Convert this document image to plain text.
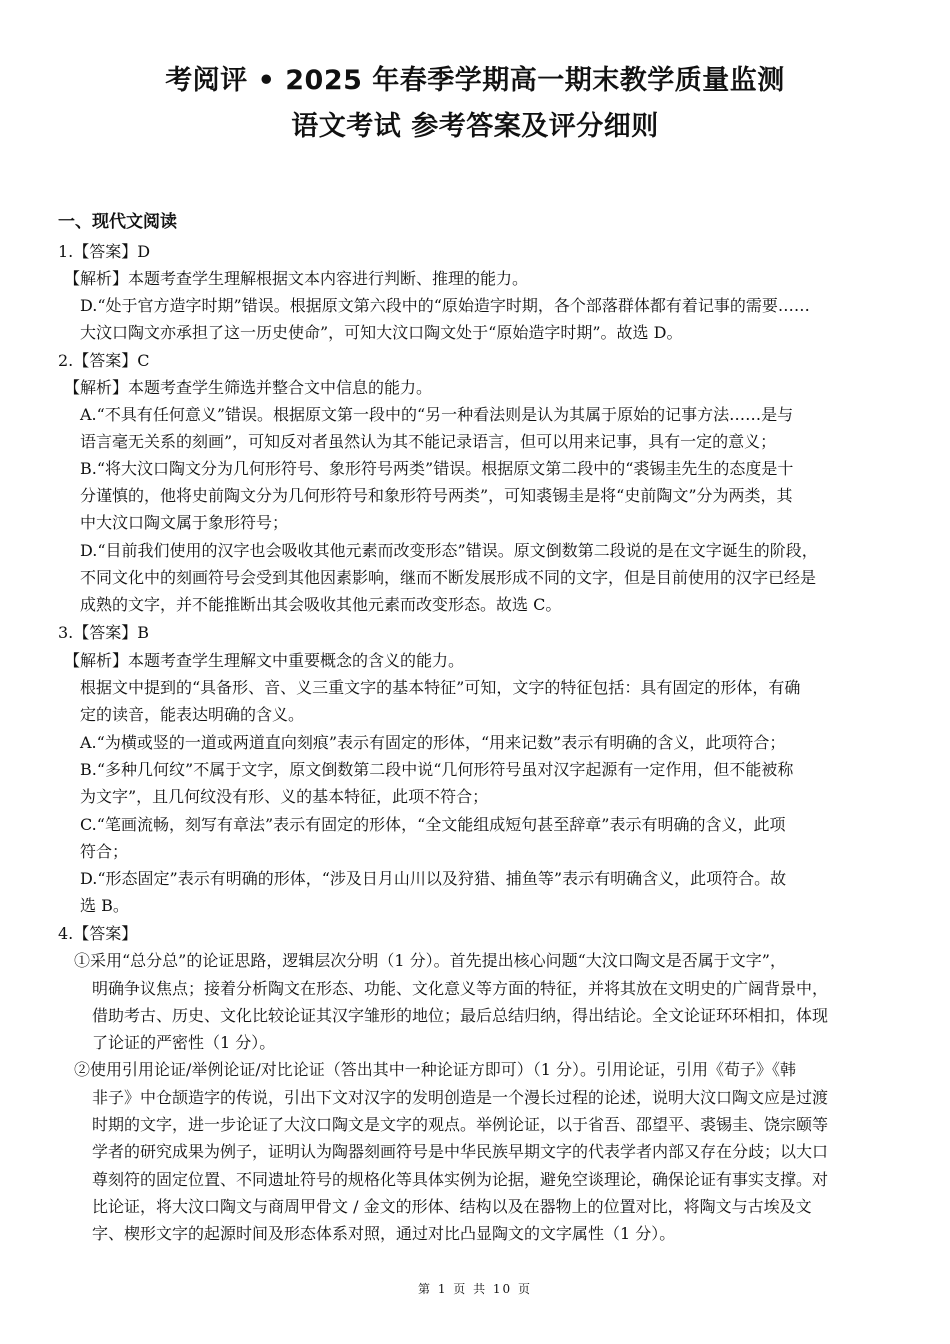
考阅评 • 2025 年春季学期高一期末教学质量监测
语文考试 参考答案及评分细则
一、现代文阅读
1.【答案】D
【解析】本题考查学生理解根据文本内容进行判断、推理的能力。
D.“处于官方造字时期”错误。根据原文第六段中的“原始造字时期，各个部落群体都有着记事的需要……
大汶口陶文亦承担了这一历史使命”，可知大汶口陶文处于“原始造字时期”。故选 D。
2.【答案】C
【解析】本题考查学生筛选并整合文中信息的能力。
A.“不具有任何意义”错误。根据原文第一段中的“另一种看法则是认为其属于原始的记事方法……是与
语言毫无关系的刻画”，可知反对者虽然认为其不能记录语言，但可以用来记事，具有一定的意义；
B.“将大汶口陶文分为几何形符号、象形符号两类”错误。根据原文第二段中的“裘锡圭先生的态度是十
分谨慎的，他将史前陶文分为几何形符号和象形符号两类”，可知裘锡圭是将“史前陶文”分为两类，其
中大汶口陶文属于象形符号；
D.“目前我们使用的汉字也会吸收其他元素而改变形态”错误。原文倒数第二段说的是在文字诞生的阶段，
不同文化中的刻画符号会受到其他因素影响，继而不断发展形成不同的文字，但是目前使用的汉字已经是
成熟的文字，并不能推断出其会吸收其他元素而改变形态。故选 C。
3.【答案】B
【解析】本题考查学生理解文中重要概念的含义的能力。
根据文中提到的“具备形、音、义三重文字的基本特征”可知，文字的特征包括：具有固定的形体，有确
定的读音，能表达明确的含义。
A.“为横或竖的一道或两道直向刻痕”表示有固定的形体，“用来记数”表示有明确的含义，此项符合；
B.“多种几何纹”不属于文字，原文倒数第二段中说“几何形符号虽对汉字起源有一定作用，但不能被称
为文字”，且几何纹没有形、义的基本特征，此项不符合；
C.“笔画流畅，刻写有章法”表示有固定的形体，“全文能组成短句甚至辞章”表示有明确的含义，此项
符合；
D.“形态固定”表示有明确的形体，“涉及日月山川以及狩猎、捕鱼等”表示有明确含义，此项符合。故
选 B。
4.【答案】
①采用“总分总”的论证思路，逻辑层次分明（1 分）。首先提出核心问题“大汶口陶文是否属于文字”，
明确争议焦点；接着分析陶文在形态、功能、文化意义等方面的特征，并将其放在文明史的广阔背景中，
借助考古、历史、文化比较论证其汉字雏形的地位；最后总结归纳，得出结论。全文论证环环相扣，体现
了论证的严密性（1 分）。
②使用引用论证/举例论证/对比论证（答出其中一种论证方即可）（1 分）。引用论证，引用《荀子》《韩
非子》中仓颉造字的传说，引出下文对汉字的发明创造是一个漫长过程的论述，说明大汶口陶文应是过渡
时期的文字，进一步论证了大汶口陶文是文字的观点。举例论证，以于省吾、邵望平、裘锡圭、饶宗颐等
学者的研究成果为例子，证明认为陶器刻画符号是中华民族早期文字的代表学者内部又存在分歧；以大口
尊刻符的固定位置、不同遗址符号的规格化等具体实例为论据，避免空谈理论，确保论证有事实支撑。对
比论证，将大汶口陶文与商周甲骨文 / 金文的形体、结构以及在器物上的位置对比，将陶文与古埃及文
字、楔形文字的起源时间及形态体系对照，通过对比凸显陶文的文字属性（1 分）。
第 1 页 共 10 页
